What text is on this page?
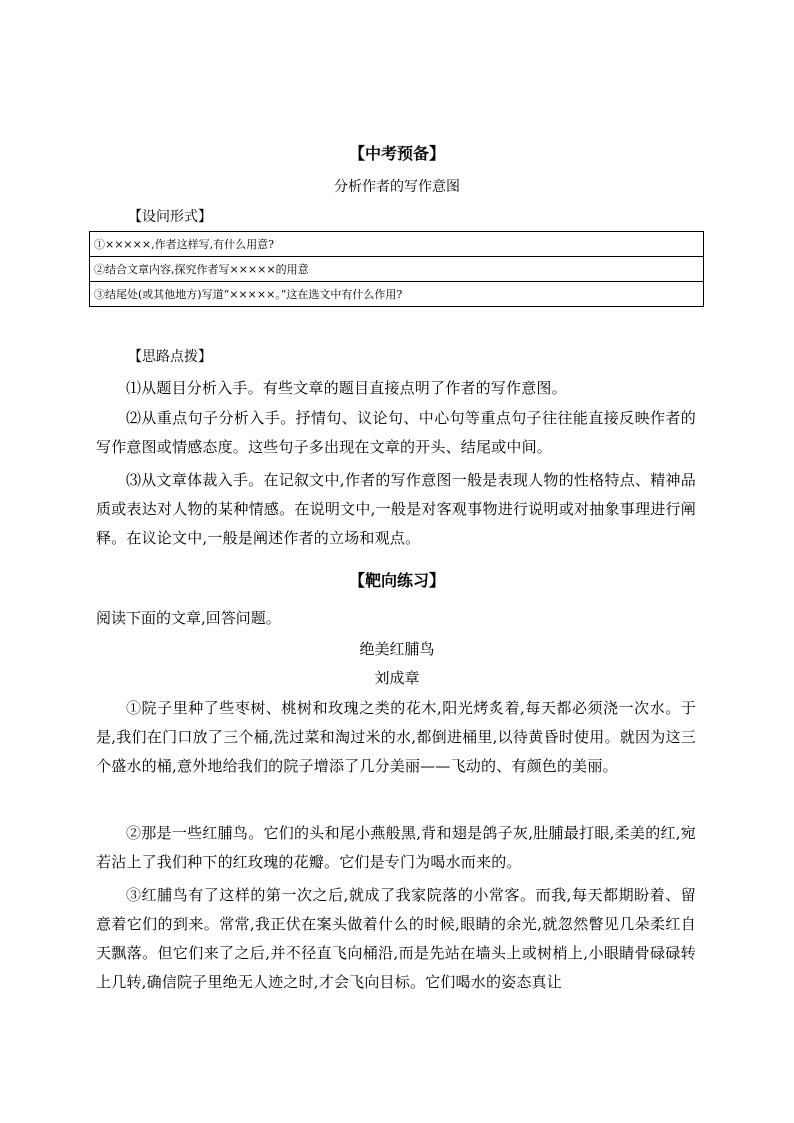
【中考预备】
分析作者的写作意图
【设问形式】
①×××××,作者这样写,有什么用意?
②结合文章内容,探究作者写×××××的用意
③结尾处(或其他地方)写道“×××××。”这在选文中有什么作用?
【思路点拨】

⑴从题目分析入手。有些文章的题目直接点明了作者的写作意图。

⑵从重点句子分析入手。抒情句、议论句、中心句等重点句子往往能直接反映作者的写作意图或情感态度。这些句子多出现在文章的开头、结尾或中间。

⑶从文章体裁入手。在记叙文中,作者的写作意图一般是表现人物的性格特点、精神品质或表达对人物的某种情感。在说明文中,一般是对客观事物进行说明或对抽象事理进行阐释。在议论文中,一般是阐述作者的立场和观点。

【靶向练习】
阅读下面的文章,回答问题。
绝美红脯鸟
刘成章

①院子里种了些枣树、桃树和玫瑰之类的花木,阳光烤炙着,每天都必须浇一次水。于是,我们在门口放了三个桶,洗过菜和淘过米的水,都倒进桶里,以待黄昏时使用。就因为这三个盛水的桶,意外地给我们的院子增添了几分美丽——飞动的、有颜色的美丽。

②那是一些红脯鸟。它们的头和尾小燕般黑,背和翅是鸽子灰,肚脯最打眼,柔美的红,宛若沾上了我们种下的红玫瑰的花瓣。它们是专门为喝水而来的。

③红脯鸟有了这样的第一次之后,就成了我家院落的小常客。而我,每天都期盼着、留意着它们的到来。常常,我正伏在案头做着什么的时候,眼睛的余光,就忽然瞥见几朵柔红自天飘落。但它们来了之后,并不径直飞向桶沿,而是先站在墙头上或树梢上,小眼睛骨碌碌转上几转,确信院子里绝无人迹之时,才会飞向目标。它们喝水的姿态真让
